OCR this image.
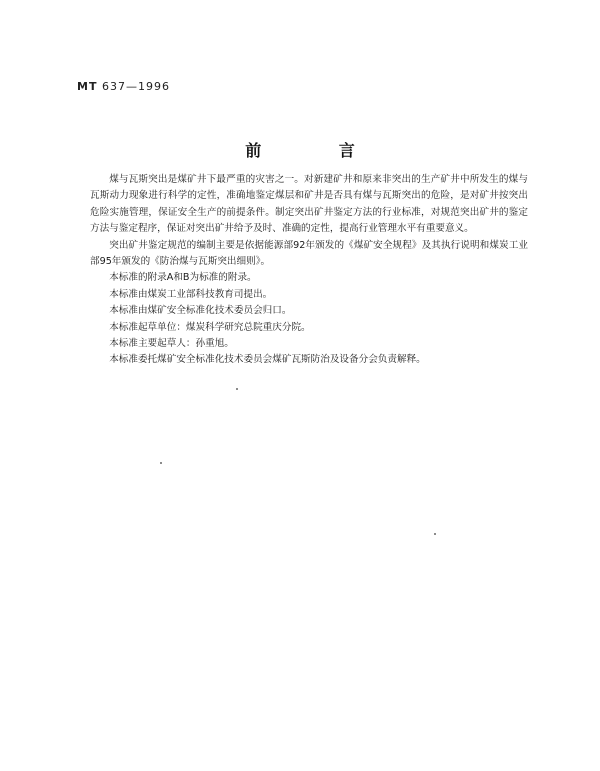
MT 637—1996
前 言

煤与瓦斯突出是煤矿井下最严重的灾害之一。对新建矿井和原来非突出的生产矿井中所发生的煤与瓦斯动力现象进行科学的定性，准确地鉴定煤层和矿井是否具有煤与瓦斯突出的危险，是对矿井按突出危险实施管理，保证安全生产的前提条件。制定突出矿井鉴定方法的行业标准，对规范突出矿井的鉴定方法与鉴定程序，保证对突出矿井给予及时、准确的定性，提高行业管理水平有重要意义。

突出矿井鉴定规范的编制主要是依据能源部92年颁发的《煤矿安全规程》及其执行说明和煤炭工业部95年颁发的《防治煤与瓦斯突出细则》。

本标准的附录A和B为标准的附录。

本标准由煤炭工业部科技教育司提出。

本标准由煤矿安全标准化技术委员会归口。

本标准起草单位：煤炭科学研究总院重庆分院。

本标准主要起草人：孙重旭。

本标准委托煤矿安全标准化技术委员会煤矿瓦斯防治及设备分会负责解释。
